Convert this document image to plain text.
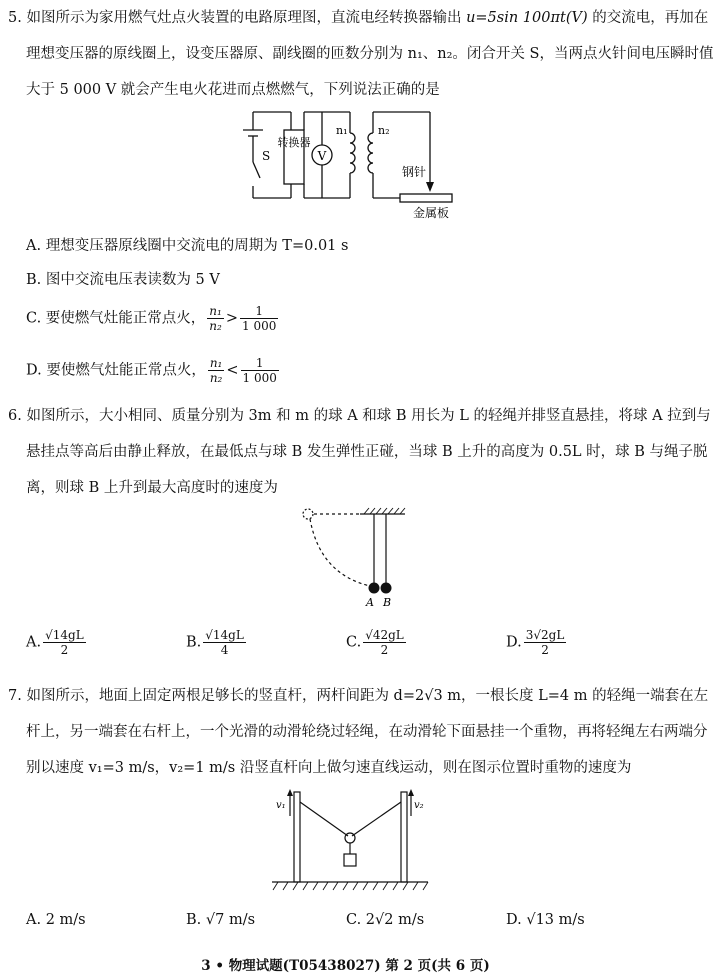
5. 如图所示为家用燃气灶点火装置的电路原理图，直流电经转换器输出 u=5sin 100πt(V) 的交流电，再加在
理想变压器的原线圈上，设变压器原、副线圈的匝数分别为 n₁、n₂。闭合开关 S，当两点火针间电压瞬时值
大于 5 000 V 就会产生电火花进而点燃燃气，下列说法正确的是
S
转换器
V
n₁	n₂
钢针
金属板
A. 理想变压器原线圈中交流电的周期为 T=0.01 s
B. 图中交流电压表读数为 5 V
C. 要使燃气灶能正常点火， $\frac{\text{n₁}}{\text{n₂}} > \frac{1}{1 000}$
D. 要使燃气灶能正常点火， $\frac{\text{n₁}}{\text{n₂}} < \frac{1}{1 000}$
6. 如图所示，大小相同、质量分别为 3m 和 m 的球 A 和球 B 用长为 L 的轻绳并排竖直悬挂，将球 A 拉到与
悬挂点等高后由静止释放，在最低点与球 B 发生弹性正碰，当球 B 上升的高度为 0.5L 时，球 B 与绳子脱
离，则球 B 上升到最大高度时的速度为
A B
A. $\frac{√14gL}{2}$	B. $\frac{√14gL}{4}$	C. $\frac{√42gL}{2}$	D. $\frac{3√2gL}{2}$
7. 如图所示，地面上固定两根足够长的竖直杆，两杆间距为 d=2√3 m，一根长度 L=4 m 的轻绳一端套在左
杆上，另一端套在右杆上，一个光滑的动滑轮绕过轻绳，在动滑轮下面悬挂一个重物，再将轻绳左右两端分
别以速度 v₁=3 m/s，v₂=1 m/s 沿竖直杆向上做匀速直线运动，则在图示位置时重物的速度为
v₁	v₂
A. 2 m/s	B. √7 m/s	C. 2√2 m/s	D. √13 m/s
3 • 物理试题(T05438027) 第 2 页(共 6 页)
